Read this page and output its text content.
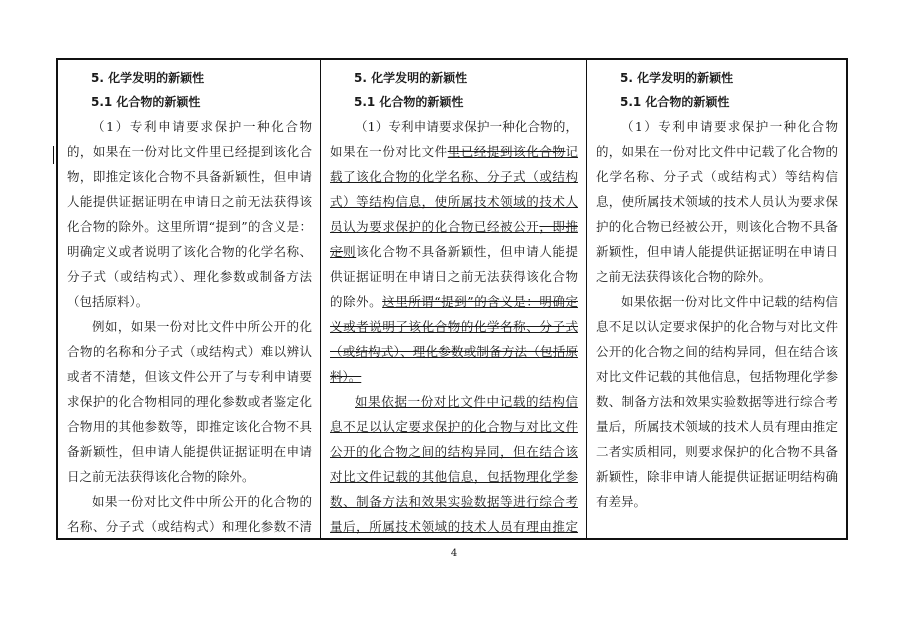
5. 化学发明的新颖性
5.1 化合物的新颖性

（1）专利申请要求保护一种化合物的，如果在一份对比文件里已经提到该化合物，即推定该化合物不具备新颖性，但申请人能提供证据证明在申请日之前无法获得该化合物的除外。这里所谓“提到”的含义是：明确定义或者说明了该化合物的化学名称、分子式（或结构式）、理化参数或制备方法（包括原料）。

例如，如果一份对比文件中所公开的化合物的名称和分子式（或结构式）难以辨认或者不清楚，但该文件公开了与专利申请要求保护的化合物相同的理化参数或者鉴定化合物用的其他参数等，即推定该化合物不具备新颖性，但申请人能提供证据证明在申请日之前无法获得该化合物的除外。

如果一份对比文件中所公开的化合物的名称、分子式（或结构式）和理化参数不清

5. 化学发明的新颖性
5.1 化合物的新颖性

（1）专利申请要求保护一种化合物的，如果在一份对比文件里已经提到该化合物记载了该化合物的化学名称、分子式（或结构式）等结构信息，使所属技术领域的技术人员认为要求保护的化合物已经被公开，即推定则该化合物不具备新颖性，但申请人能提供证据证明在申请日之前无法获得该化合物的除外。这里所谓“提到”的含义是：明确定义或者说明了该化合物的化学名称、分子式（或结构式）、理化参数或制备方法（包括原料）。

如果依据一份对比文件中记载的结构信息不足以认定要求保护的化合物与对比文件公开的化合物之间的结构异同，但在结合该对比文件记载的其他信息，包括物理化学参数、制备方法和效果实验数据等进行综合考量后，所属技术领域的技术人员有理由推定

5. 化学发明的新颖性
5.1 化合物的新颖性

（1）专利申请要求保护一种化合物的，如果在一份对比文件中记载了化合物的化学名称、分子式（或结构式）等结构信息，使所属技术领域的技术人员认为要求保护的化合物已经被公开，则该化合物不具备新颖性，但申请人能提供证据证明在申请日之前无法获得该化合物的除外。

如果依据一份对比文件中记载的结构信息不足以认定要求保护的化合物与对比文件公开的化合物之间的结构异同，但在结合该对比文件记载的其他信息，包括物理化学参数、制备方法和效果实验数据等进行综合考量后，所属技术领域的技术人员有理由推定二者实质相同，则要求保护的化合物不具备新颖性，除非申请人能提供证据证明结构确有差异。

4
